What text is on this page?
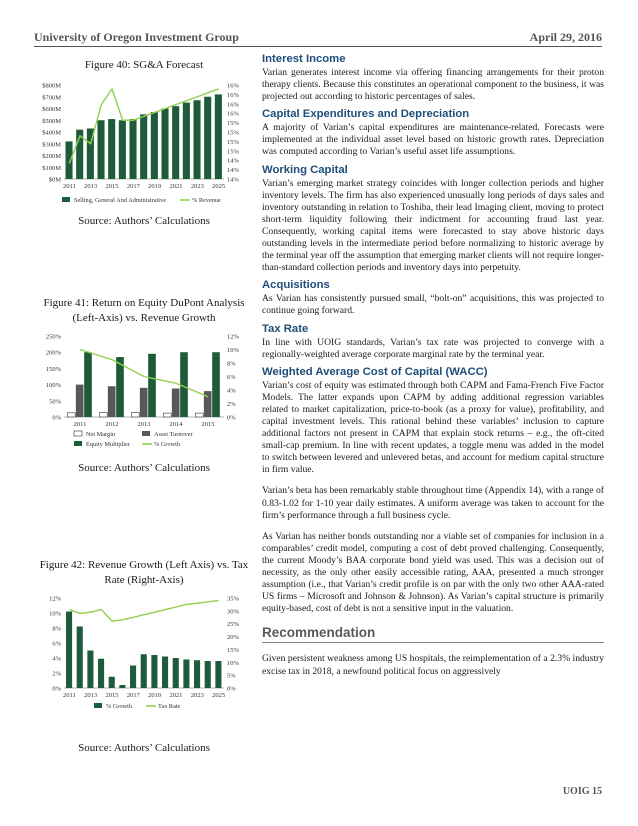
University of Oregon Investment Group	April 29, 2016
Figure 40: SG&A Forecast
$0M
$100M
$200M
$300M
$400M
$500M
$600M
$700M
$800M
14%
14%
14%
15%
15%
15%
15%
16%
16%
16%
16%
2011 2013 2015 2017 2019 2021 2023 2025
Selling, General And Administrative	% Revenue
Source: Authors’ Calculations
Figure 41: Return on Equity DuPont Analysis (Left-Axis) vs. Revenue Growth
0%
50%
100%
150%
200%
250%
0%
2%
4%
6%
8%
10%
12%
2011	2012	2013	2014	2015
Net Margin	Asset Turnover
Equity Multiplier	% Growth
Source: Authors’ Calculations
Figure 42: Revenue Growth (Left Axis) vs. Tax Rate (Right-Axis)
0%
2%
4%
6%
8%
10%
12%
0%
5%
10%
15%
20%
25%
30%
35%
2011 2013 2015 2017 2019 2021 2023 2025
% Growth	Tax Rate
Source: Authors’ Calculations
Interest Income
Varian generates interest income via offering financing arrangements for their proton therapy clients. Because this constitutes an operational component to the business, it was projected out according to historic percentages of sales.
Capital Expenditures and Depreciation
A majority of Varian’s capital expenditures are maintenance-related. Forecasts were implemented at the individual asset level based on historic growth rates. Depreciation was computed according to Varian’s useful asset life assumptions.
Working Capital
Varian’s emerging market strategy coincides with longer collection periods and higher inventory levels. The firm has also experienced unusually long periods of days sales and inventory outstanding in relation to Toshiba, their lead Imaging client, moving to protect short-term liquidity following their indictment for accounting fraud last year. Consequently, working capital items were forecasted to stay above historic days outstanding levels in the intermediate period before normalizing to historic average by the terminal year off the assumption that emerging market clients will not require longer-than-standard collection periods and inventory days into perpetuity.
Acquisitions
As Varian has consistently pursued small, “bolt-on” acquisitions, this was projected to continue going forward.
Tax Rate
In line with UOIG standards, Varian’s tax rate was projected to converge with a regionally-weighted average corporate marginal rate by the terminal year.
Weighted Average Cost of Capital (WACC)
Varian’s cost of equity was estimated through both CAPM and Fama-French Five Factor Models. The latter expands upon CAPM by adding additional regression variables related to market capitalization, price-to-book (as a proxy for value), profitability, and capital investment levels. This rational behind these variables’ inclusion to capture additional factors not present in CAPM that explain stock returns – e.g., the oft-cited small-cap premium. In line with recent updates, a toggle menu was added in the model to switch between levered and unlevered betas, and account for medium capital structure in firm value.
Varian’s beta has been remarkably stable throughout time (Appendix 14), with a range of 0.83-1.02 for 1-10 year daily estimates. A uniform average was taken to account for the firm’s performance through a full business cycle.
As Varian has neither bonds outstanding nor a viable set of companies for inclusion in a comparables’ credit model, computing a cost of debt proved challenging. Consequently, the current Moody’s BAA corporate bond yield was used. This was a decision out of necessity, as the only other easily accessible rating, AAA, presented a much stronger assumption (i.e., that Varian’s credit profile is on par with the only two other AAA-rated US firms – Microsoft and Johnson & Johnson). As Varian’s capital structure is primarily equity-based, cost of debt is not a sensitive input in the valuation.
Recommendation
Given persistent weakness among US hospitals, the reimplementation of a 2.3% industry excise tax in 2018, a newfound political focus on aggressively
UOIG 15
